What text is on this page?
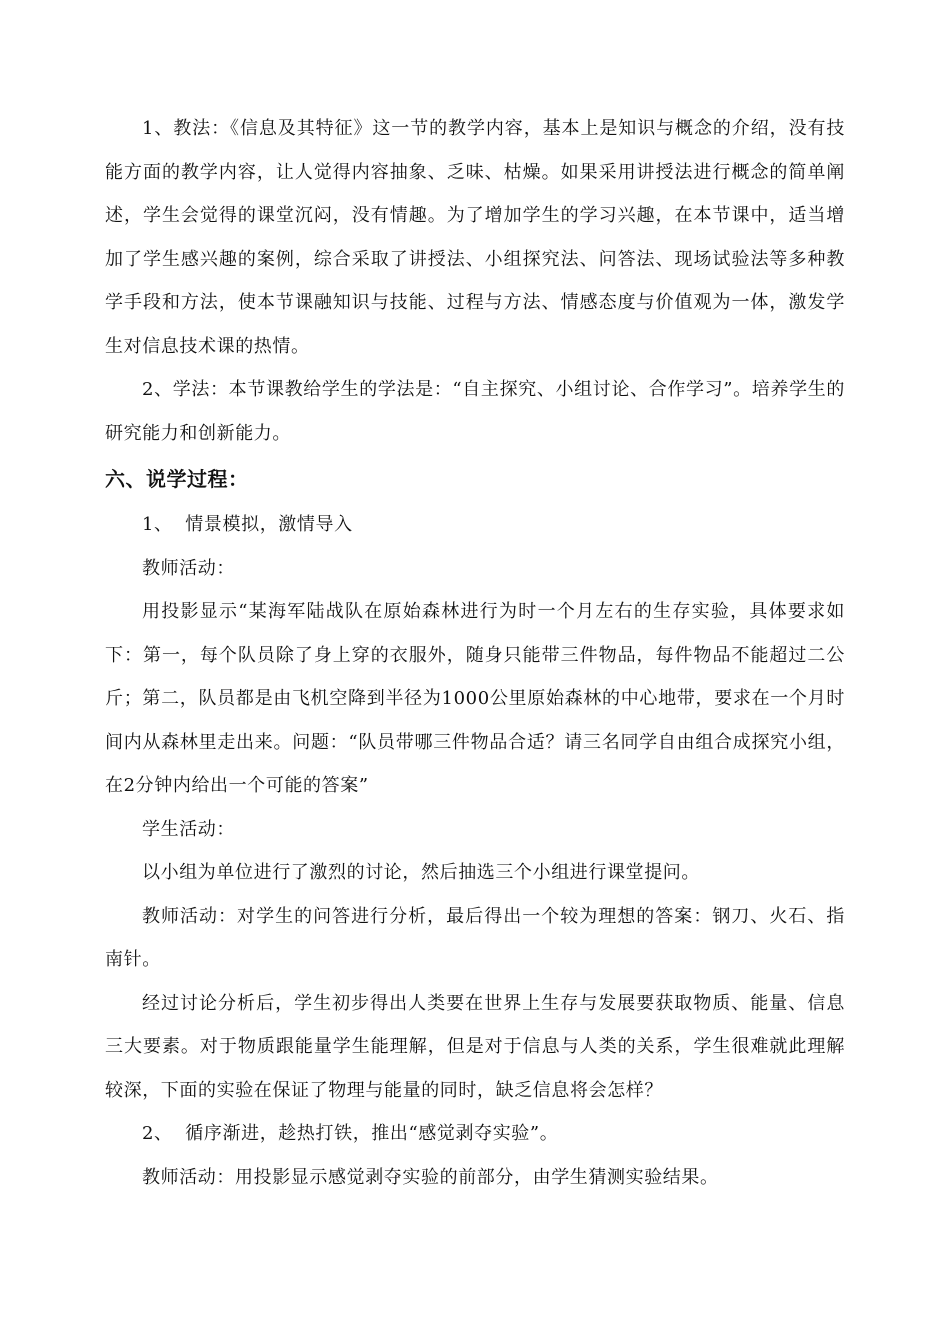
1、教法：《信息及其特征》这一节的教学内容，基本上是知识与概念的介绍，没有技能方面的教学内容，让人觉得内容抽象、乏味、枯燥。如果采用讲授法进行概念的简单阐述，学生会觉得的课堂沉闷，没有情趣。为了增加学生的学习兴趣，在本节课中，适当增加了学生感兴趣的案例，综合采取了讲授法、小组探究法、问答法、现场试验法等多种教学手段和方法，使本节课融知识与技能、过程与方法、情感态度与价值观为一体，激发学生对信息技术课的热情。

2、学法：本节课教给学生的学法是：“自主探究、小组讨论、合作学习”。培养学生的研究能力和创新能力。

六、说学过程：

1、  情景模拟，激情导入

教师活动：

用投影显示“某海军陆战队在原始森林进行为时一个月左右的生存实验，具体要求如下：第一，每个队员除了身上穿的衣服外，随身只能带三件物品，每件物品不能超过二公斤；第二，队员都是由飞机空降到半径为1000公里原始森林的中心地带，要求在一个月时间内从森林里走出来。问题：“队员带哪三件物品合适？请三名同学自由组合成探究小组，在2分钟内给出一个可能的答案”

学生活动：

以小组为单位进行了激烈的讨论，然后抽选三个小组进行课堂提问。

教师活动：对学生的问答进行分析，最后得出一个较为理想的答案：钢刀、火石、指南针。

经过讨论分析后，学生初步得出人类要在世界上生存与发展要获取物质、能量、信息三大要素。对于物质跟能量学生能理解，但是对于信息与人类的关系，学生很难就此理解较深，下面的实验在保证了物理与能量的同时，缺乏信息将会怎样？

2、  循序渐进，趁热打铁，推出“感觉剥夺实验”。

教师活动：用投影显示感觉剥夺实验的前部分，由学生猜测实验结果。
